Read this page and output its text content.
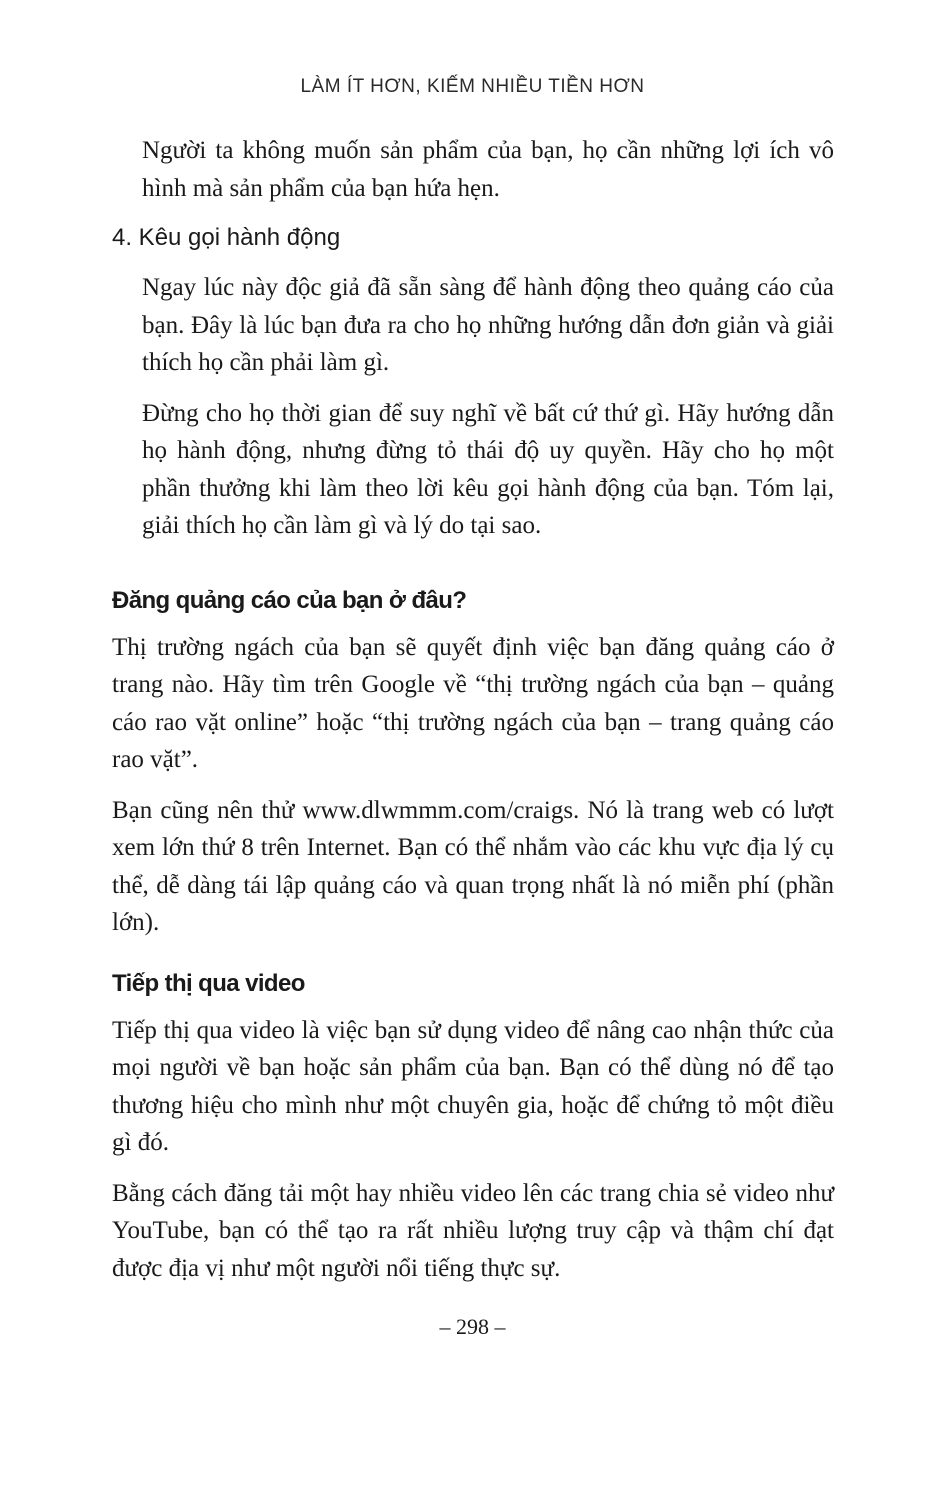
LÀM ÍT HƠN, KIẾM NHIỀU TIỀN HƠN

Người ta không muốn sản phẩm của bạn, họ cần những lợi ích vô hình mà sản phẩm của bạn hứa hẹn.

4. Kêu gọi hành động

Ngay lúc này độc giả đã sẵn sàng để hành động theo quảng cáo của bạn. Đây là lúc bạn đưa ra cho họ những hướng dẫn đơn giản và giải thích họ cần phải làm gì.

Đừng cho họ thời gian để suy nghĩ về bất cứ thứ gì. Hãy hướng dẫn họ hành động, nhưng đừng tỏ thái độ uy quyền. Hãy cho họ một phần thưởng khi làm theo lời kêu gọi hành động của bạn. Tóm lại, giải thích họ cần làm gì và lý do tại sao.

Đăng quảng cáo của bạn ở đâu?

Thị trường ngách của bạn sẽ quyết định việc bạn đăng quảng cáo ở trang nào. Hãy tìm trên Google về “thị trường ngách của bạn – quảng cáo rao vặt online” hoặc “thị trường ngách của bạn – trang quảng cáo rao vặt”.

Bạn cũng nên thử www.dlwmmm.com/craigs. Nó là trang web có lượt xem lớn thứ 8 trên Internet. Bạn có thể nhắm vào các khu vực địa lý cụ thể, dễ dàng tái lập quảng cáo và quan trọng nhất là nó miễn phí (phần lớn).

Tiếp thị qua video

Tiếp thị qua video là việc bạn sử dụng video để nâng cao nhận thức của mọi người về bạn hoặc sản phẩm của bạn. Bạn có thể dùng nó để tạo thương hiệu cho mình như một chuyên gia, hoặc để chứng tỏ một điều gì đó.

Bằng cách đăng tải một hay nhiều video lên các trang chia sẻ video như YouTube, bạn có thể tạo ra rất nhiều lượng truy cập và thậm chí đạt được địa vị như một người nổi tiếng thực sự.

– 298 –
